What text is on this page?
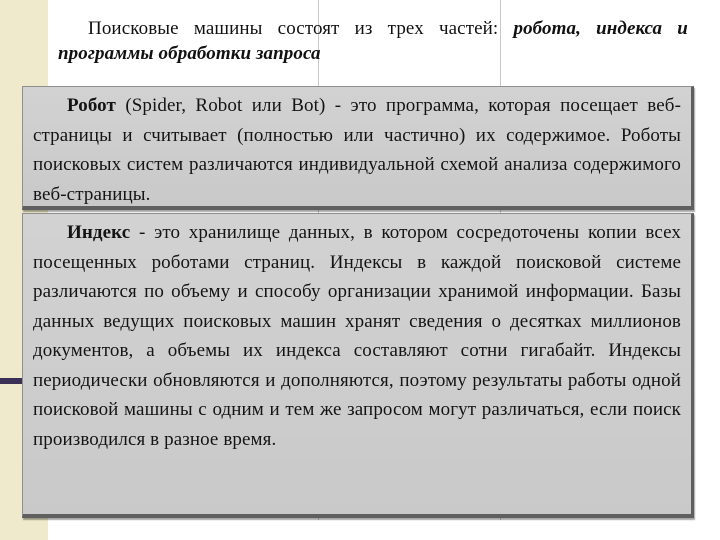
Поисковые машины состоят из трех частей: робота, индекса и программы обработки запроса

Робот (Spider, Robot или Bot) - это программа, которая посещает веб-страницы и считывает (полностью или частично) их содержимое. Роботы поисковых систем различаются индивидуальной схемой анализа содержимого веб-страницы.

Индекс - это хранилище данных, в котором сосредоточены копии всех посещенных роботами страниц. Индексы в каждой поисковой системе различаются по объему и способу организации хранимой информации. Базы данных ведущих поисковых машин хранят сведения о десятках миллионов документов, а объемы их индекса составляют сотни гигабайт. Индексы периодически обновляются и дополняются, поэтому результаты работы одной поисковой машины с одним и тем же запросом могут различаться, если поиск производился в разное время.
